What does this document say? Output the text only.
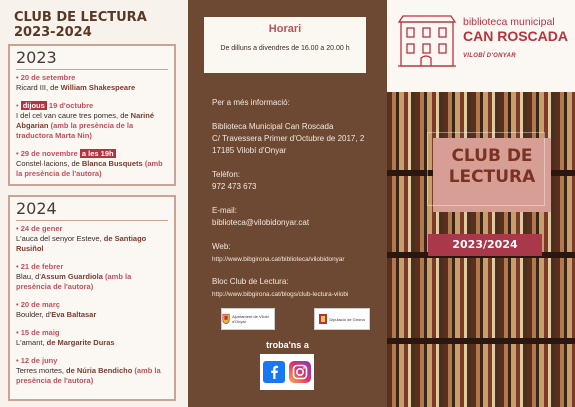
CLUB DE LECTURA
2023-2024
2023
• 20 de setembre
Ricard III, de William Shakespeare
• dijous 19 d'octubre
I del cel van caure tres pomes, de Nariné Abgarian (amb la presència de la traductora Marta Nin)
• 29 de novembre a les 19h
Constel·lacions, de Blanca Busquets (amb la presència de l'autora)
2024
• 24 de gener
L'auca del senyor Esteve, de Santiago Rusiñol
• 21 de febrer
Blau, d'Assum Guardiola (amb la presència de l'autora)
• 20 de març
Boulder, d'Eva Baltasar
• 15 de maig
L'amant, de Margarite Duras
• 12 de juny
Terres mortes, de Núria Bendicho (amb la presència de l'autora)
Horari
De dilluns a divendres de 16.00 a 20.00 h
Per a més informació:
Biblioteca Municipal Can Roscada
C/ Travessera Primer d'Octubre de 2017, 2
17185 Vilobí d'Onyar
Telèfon:
972 473 673
E-mail:
biblioteca@vilobidonyar.cat
Web:
http://www.bibgirona.cat/biblioteca/vilobidonyar
Bloc Club de Lectura:
http://www.bibgirona.cat/blogs/club-lectura-vilobi
Ajuntament de Vilobí d'Onyar	Diputació de Girona
troba'ns a
biblioteca municipal
CAN ROSCADA
VILOBÍ D'ONYAR
CLUB DE
LECTURA
2023/2024
